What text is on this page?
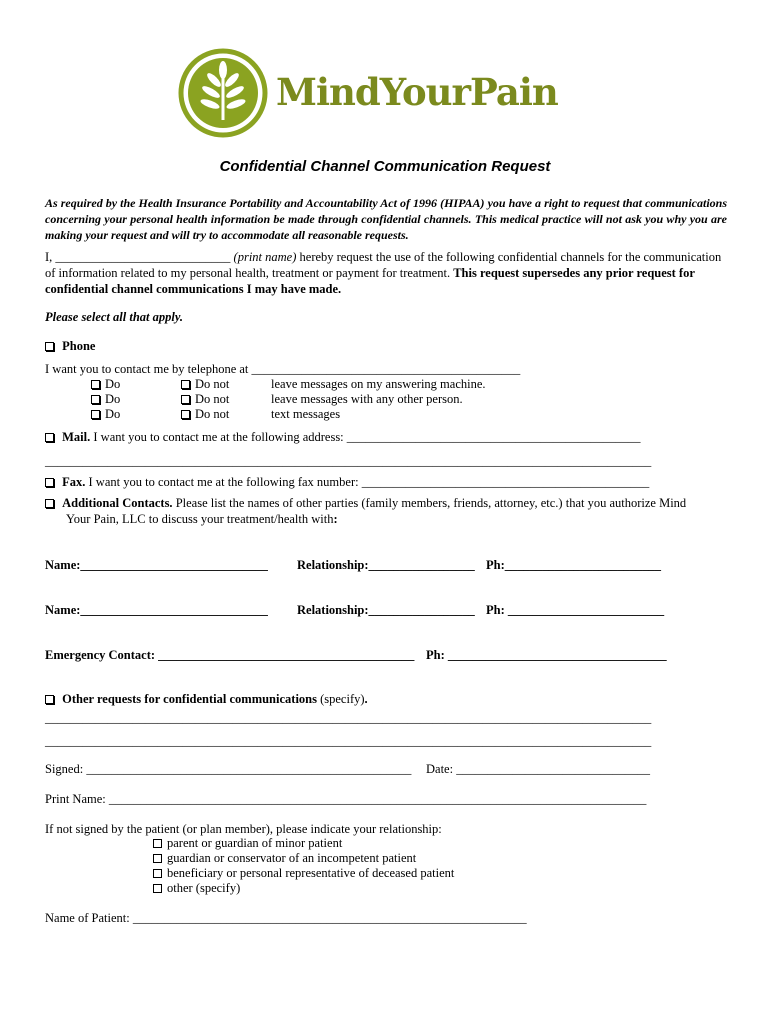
MindYourPain
Confidential Channel Communication Request
As required by the Health Insurance Portability and Accountability Act of 1996 (HIPAA) you have a right to request that communications concerning your personal health information be made through confidential channels. This medical practice will not ask you why you are making your request and will try to accommodate all reasonable requests.
I, ____________________________ (print name) hereby request the use of the following confidential channels for the communication of information related to my personal health, treatment or payment for treatment. This request supersedes any prior request for confidential channel communications I may have made.
Please select all that apply.
Phone
I want you to contact me by telephone at ___________________________________________
Do	Do not	leave messages on my answering machine.
Do	Do not	leave messages with any other person.
Do	Do not	text messages
Mail. I want you to contact me at the following address: _______________________________________________
_________________________________________________________________________________________________
Fax. I want you to contact me at the following fax number: ______________________________________________
Additional Contacts. Please list the names of other parties (family members, friends, attorney, etc.) that you authorize Mind
Your Pain, LLC to discuss your treatment/health with:
Name:______________________________ Relationship:_________________ Ph:_________________________
Name:______________________________ Relationship:_________________ Ph: _________________________
Emergency Contact: _________________________________________ Ph: ___________________________________
Other requests for confidential communications (specify).
_________________________________________________________________________________________________
_________________________________________________________________________________________________
Signed: ____________________________________________________ Date: _______________________________
Print Name: ______________________________________________________________________________________
If not signed by the patient (or plan member), please indicate your relationship:
parent or guardian of minor patient
guardian or conservator of an incompetent patient
beneficiary or personal representative of deceased patient
other (specify)
Name of Patient: _______________________________________________________________
